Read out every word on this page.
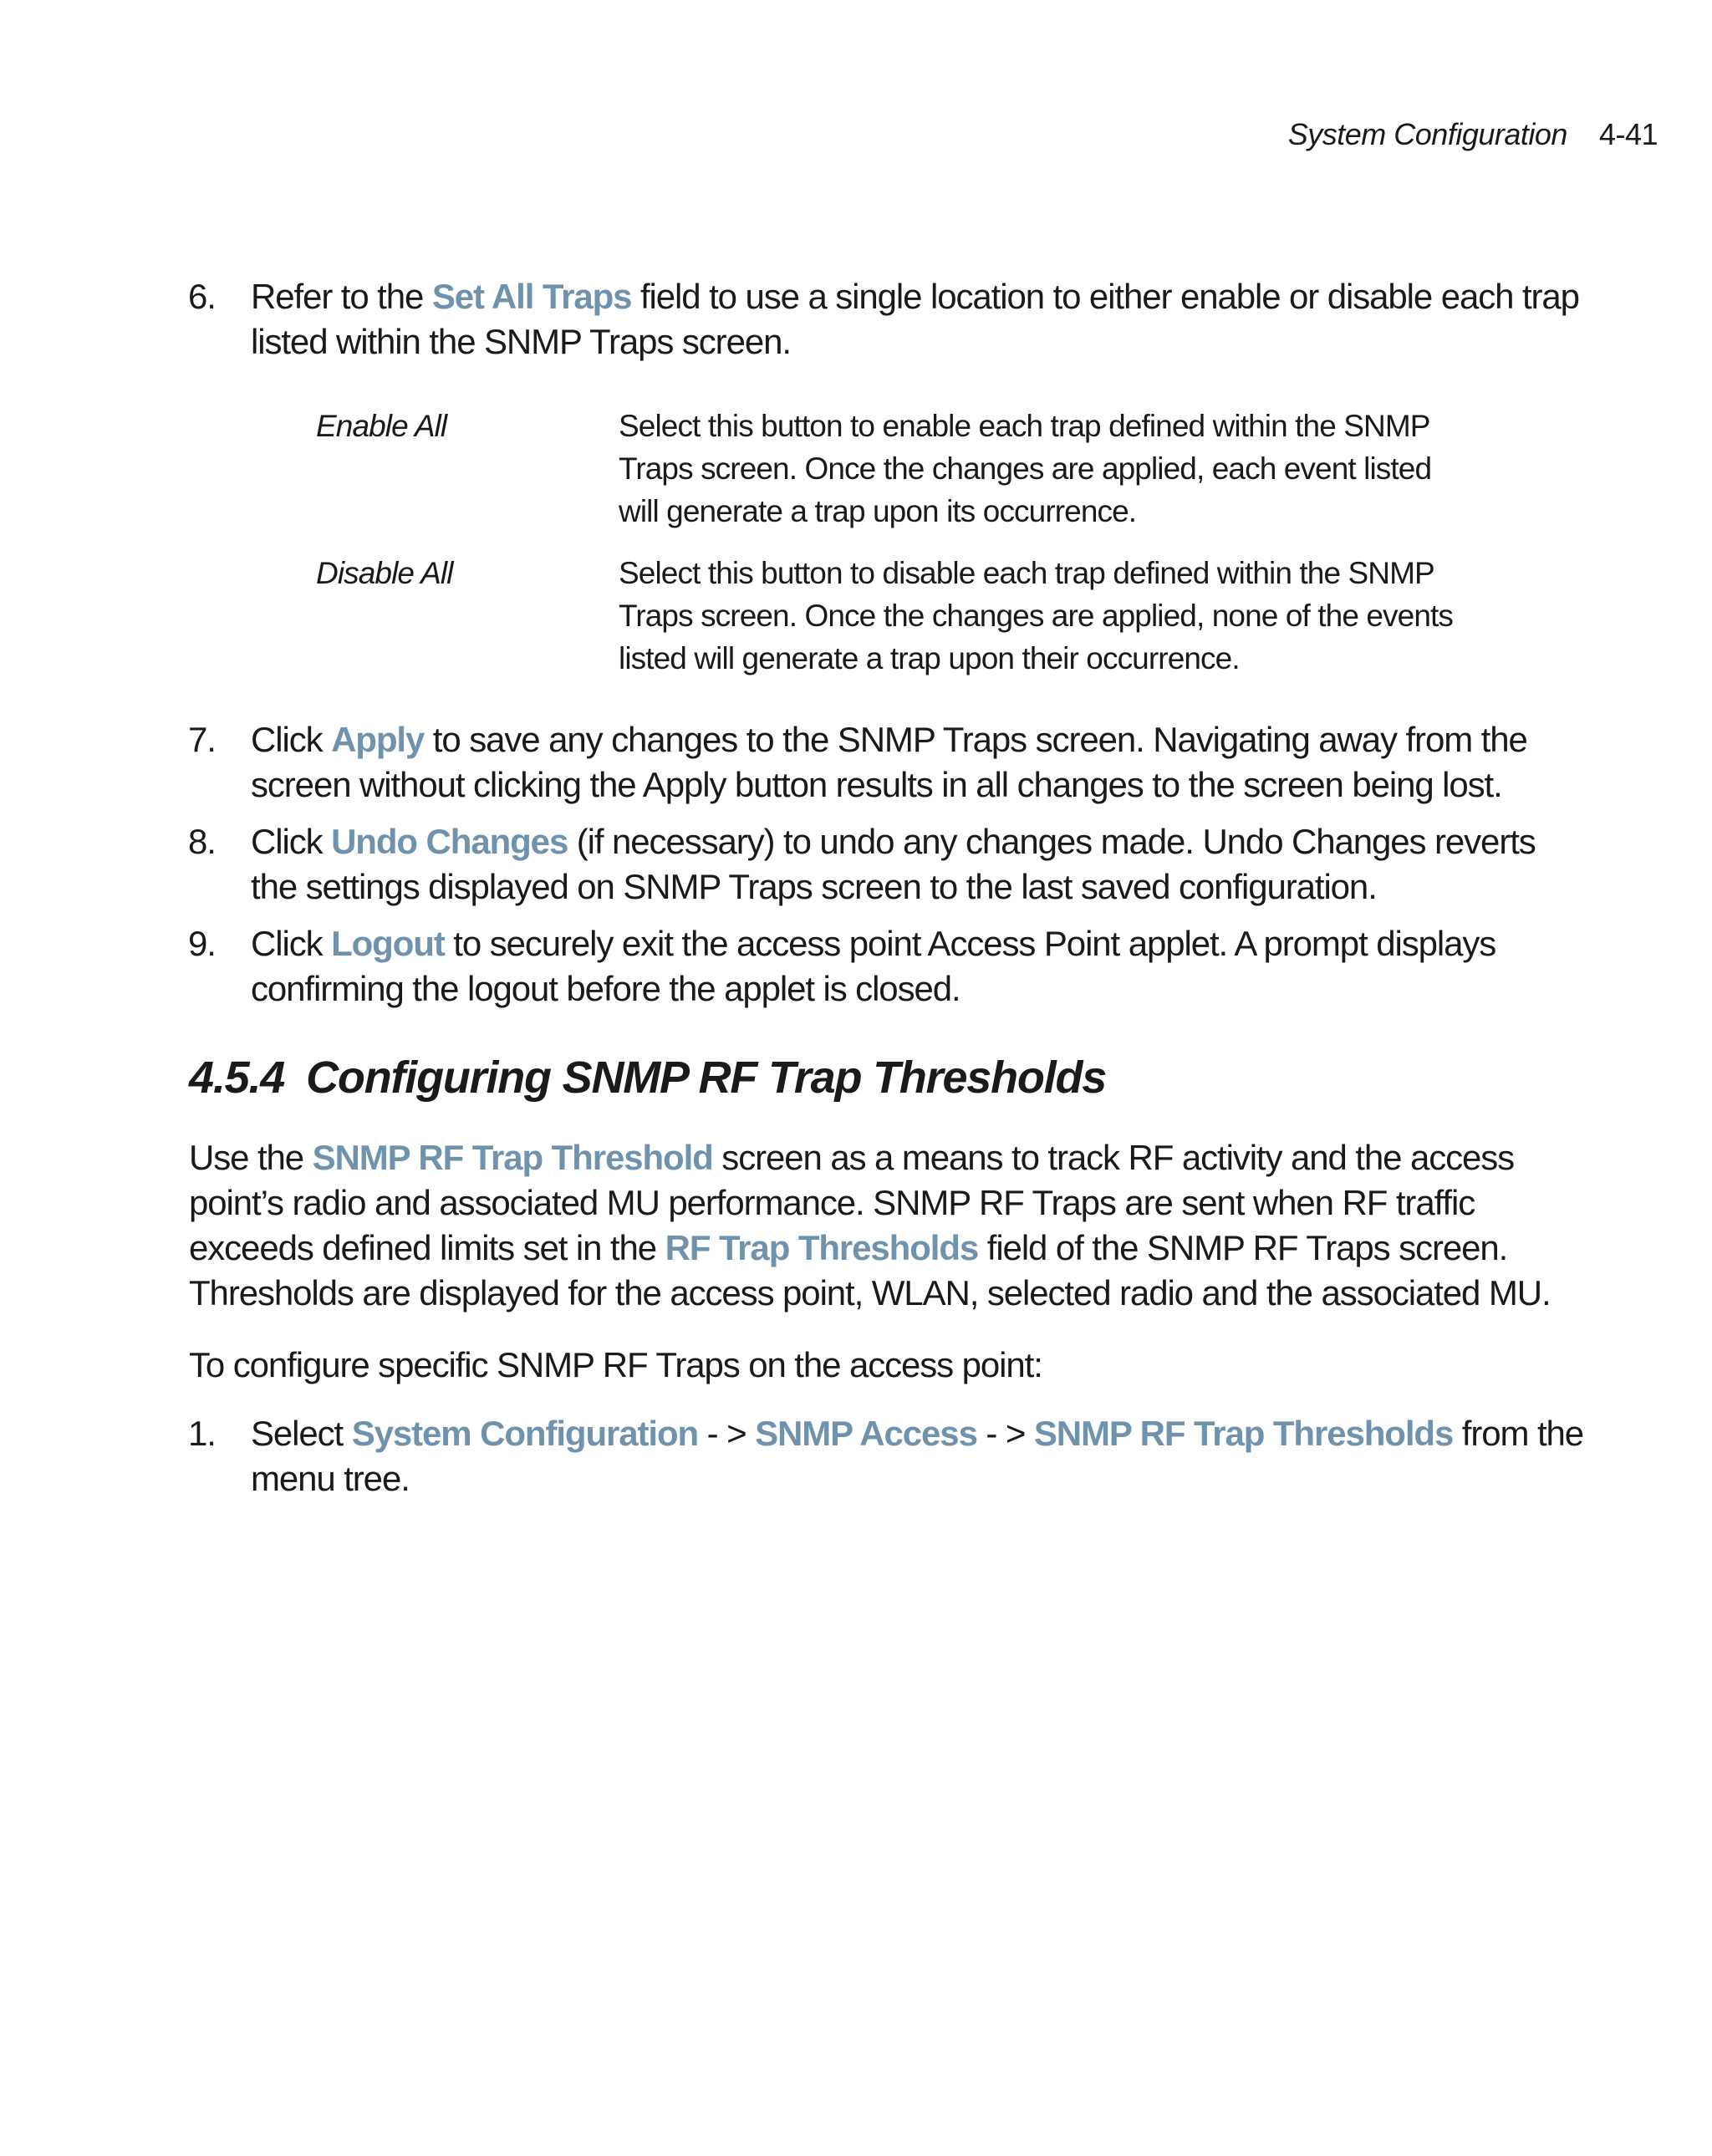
System Configuration 4-41
6. Refer to the Set All Traps field to use a single location to either enable or disable each trap listed within the SNMP Traps screen.
Enable All	Select this button to enable each trap defined within the SNMP Traps screen. Once the changes are applied, each event listed will generate a trap upon its occurrence.
Disable All	Select this button to disable each trap defined within the SNMP Traps screen. Once the changes are applied, none of the events listed will generate a trap upon their occurrence.
7. Click Apply to save any changes to the SNMP Traps screen. Navigating away from the screen without clicking the Apply button results in all changes to the screen being lost.
8. Click Undo Changes (if necessary) to undo any changes made. Undo Changes reverts the settings displayed on SNMP Traps screen to the last saved configuration.
9. Click Logout to securely exit the access point Access Point applet. A prompt displays confirming the logout before the applet is closed.
4.5.4 Configuring SNMP RF Trap Thresholds
Use the SNMP RF Trap Threshold screen as a means to track RF activity and the access point’s radio and associated MU performance. SNMP RF Traps are sent when RF traffic exceeds defined limits set in the RF Trap Thresholds field of the SNMP RF Traps screen. Thresholds are displayed for the access point, WLAN, selected radio and the associated MU.
To configure specific SNMP RF Traps on the access point:
1. Select System Configuration - > SNMP Access - > SNMP RF Trap Thresholds from the menu tree.
